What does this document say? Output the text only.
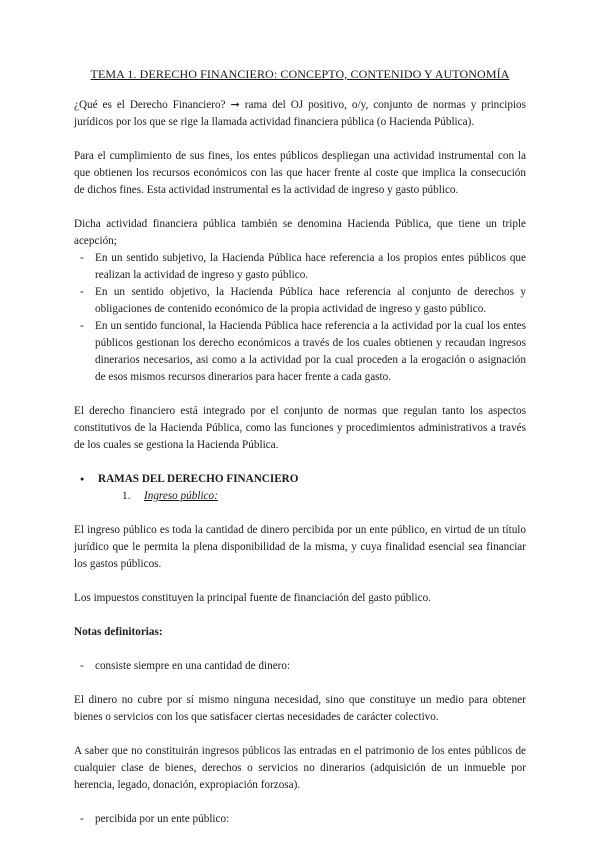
TEMA 1. DERECHO FINANCIERO: CONCEPTO, CONTENIDO Y AUTONOMÍA

¿Qué es el Derecho Financiero? ➞ rama del OJ positivo, o/y, conjunto de normas y principios jurídicos por los que se rige la llamada actividad financiera pública (o Hacienda Pública).

Para el cumplimiento de sus fines, los entes públicos despliegan una actividad instrumental con la que obtienen los recursos económicos con las que hacer frente al coste que implica la consecución de dichos fines. Esta actividad instrumental es la actividad de ingreso y gasto público.

Dicha actividad financiera pública también se denomina Hacienda Pública, que tiene un triple acepción;

- En un sentido subjetivo, la Hacienda Pública hace referencia a los propios entes públicos que realizan la actividad de ingreso y gasto público.
- En un sentido objetivo, la Hacienda Pública hace referencia al conjunto de derechos y obligaciones de contenido económico de la propia actividad de ingreso y gasto público.
- En un sentido funcional, la Hacienda Pública hace referencia a la actividad por la cual los entes públicos gestionan los derecho económicos a través de los cuales obtienen y recaudan ingresos dinerarios necesarios, asi como a la actividad por la cual proceden a la erogación o asignación de esos mismos recursos dinerarios para hacer frente a cada gasto.

El derecho financiero está integrado por el conjunto de normas que regulan tanto los aspectos constitutivos de la Hacienda Pública, como las funciones y procedimientos administrativos a través de los cuales se gestiona la Hacienda Pública.

● RAMAS DEL DERECHO FINANCIERO
1. Ingreso público:

El ingreso público es toda la cantidad de dinero percibida por un ente público, en virtud de un título jurídico que le permita la plena disponibilidad de la misma, y cuya finalidad esencial sea financiar los gastos públicos.

Los impuestos constituyen la principal fuente de financiación del gasto público.

Notas definitorias:

- consiste siempre en una cantidad de dinero:

El dinero no cubre por sí mismo ninguna necesidad, sino que constituye un medio para obtener bienes o servicios con los que satisfacer ciertas necesidades de carácter colectivo.

A saber que no constituirán ingresos públicos las entradas en el patrimonio de los entes públicos de cualquier clase de bienes, derechos o servicios no dinerarios (adquisición de un inmueble por herencia, legado, donación, expropiación forzosa).

- percibida por un ente público:
